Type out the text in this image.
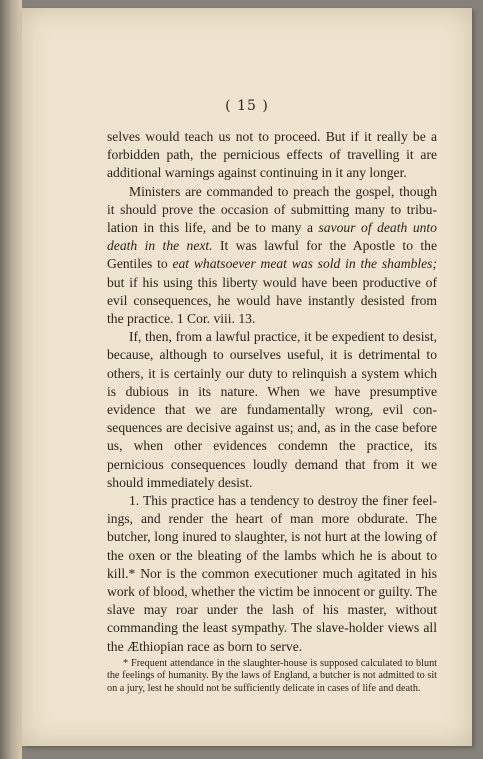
( 15 )

selves would teach us not to proceed. But if it really be a forbidden path, the pernicious effects of travelling it are additional warnings against continuing in it any longer.

Ministers are commanded to preach the gospel, though it should prove the occasion of submitting many to tribulation in this life, and be to many a savour of death unto death in the next. It was lawful for the Apostle to the Gentiles to eat whatsoever meat was sold in the shambles; but if his using this liberty would have been productive of evil consequences, he would have instantly desisted from the practice. 1 Cor. viii. 13.

If, then, from a lawful practice, it be expedient to desist, because, although to ourselves useful, it is detrimental to others, it is certainly our duty to relinquish a system which is dubious in its nature. When we have presumptive evidence that we are fundamentally wrong, evil consequences are decisive against us; and, as in the case before us, when other evidences condemn the practice, its pernicious consequences loudly demand that from it we should immediately desist.

1. This practice has a tendency to destroy the finer feelings, and render the heart of man more obdurate. The butcher, long inured to slaughter, is not hurt at the lowing of the oxen or the bleating of the lambs which he is about to kill.* Nor is the common executioner much agitated in his work of blood, whether the victim be innocent or guilty. The slave may roar under the lash of his master, without commanding the least sympathy. The slave-holder views all the Æthiopian race as born to serve.

* Frequent attendance in the slaughter-house is supposed calculated to blunt the feelings of humanity. By the laws of England, a butcher is not admitted to sit on a jury, lest he should not be sufficiently delicate in cases of life and death.
